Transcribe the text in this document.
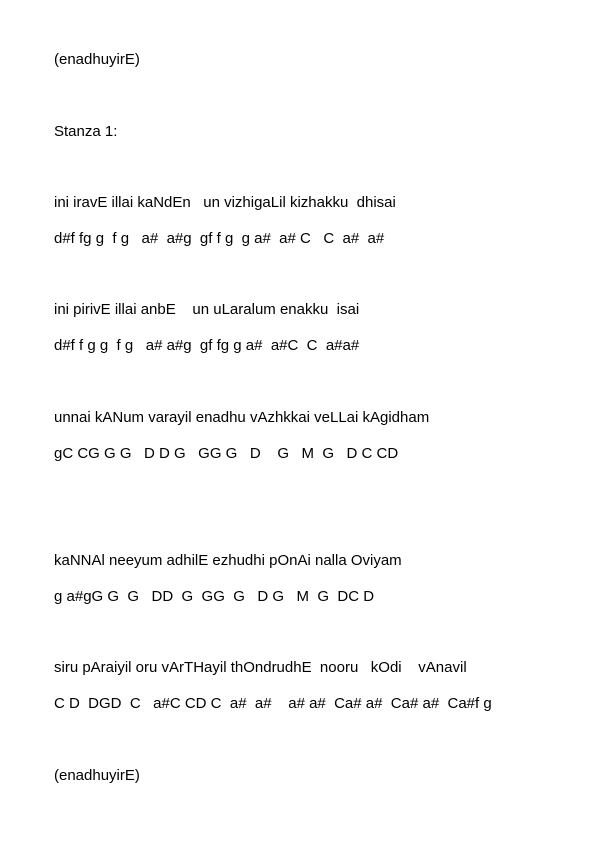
(enadhuyirE)

Stanza 1:

ini iravE illai kaNdEn   un vizhigaLil kizhakku  dhisai

d#f fg g  f g   a#  a#g  gf f g  g a#  a# C   C  a#  a#

ini pirivE illai anbE    un uLaralum enakku  isai

d#f f g g  f g   a# a#g  gf fg g a#  a#C  C  a#a#

unnai kANum varayil enadhu vAzhkkai veLLai kAgidham

gC CG G G   D D G   GG G   D    G   M  G   D C CD

kaNNAl neeyum adhilE ezhudhi pOnAi nalla Oviyam

g a#gG G  G   DD  G  GG  G   D G   M  G  DC D

siru pAraiyil oru vArTHayil thOndrudhE  nooru   kOdi    vAnavil

C D  DGD  C   a#C CD C  a#  a#    a# a#  Ca# a#  Ca# a#  Ca#f g

(enadhuyirE)
